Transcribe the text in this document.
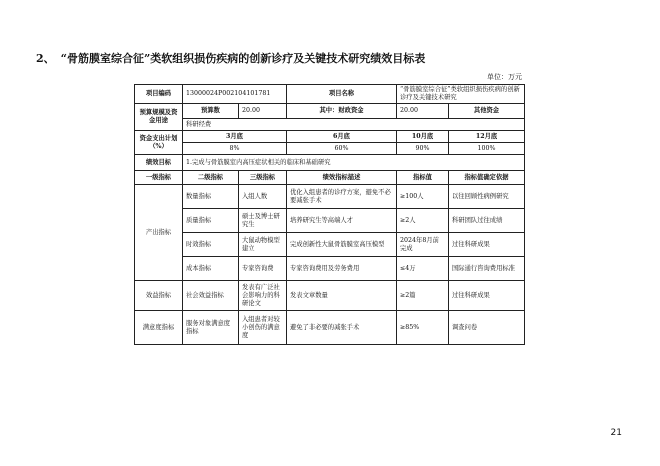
2、 “骨筋膜室综合征”类软组织损伤疾病的创新诊疗及关键技术研究绩效目标表
单位：万元
项目编码	13000024P002104101781		项目名称	“骨筋膜室综合征”类软组织损伤疾病的创新诊疗及关键技术研究	
预算规模及资金用途	预算数	20.00	其中：财政资金	20.00	其他资金
	科研经费				
资金支出计划（%）	3月底		6月底	10月底	12月底
	8%		60%	90%	100%
绩效目标	1.完成与骨筋膜室内高压症状相关的临床和基础研究				
一级指标	二级指标	三级指标	绩效指标描述	指标值	指标值确定依据
产出指标	数量指标	入组人数	优化入组患者的诊疗方案，避免不必要减张手术	≥100人	以往回顾性病例研究
	质量指标	硕士及博士研究生	培养研究生等高端人才	≥2人	科研团队过往成绩
	时效指标	大鼠动物模型建立	完成创新性大鼠骨筋膜室高压模型	2024年8月前完成	过往科研成果
	成本指标	专家咨询费	专家咨询费用及劳务费用	≤4万	国际通行咨询费用标准
效益指标	社会效益指标	发表有广泛社会影响力的科研论文	发表文章数量	≥2篇	过往科研成果
满意度指标	服务对象满意度指标	入组患者对较小创伤的满意度	避免了非必要的减张手术	≥85%	调查问卷
21
